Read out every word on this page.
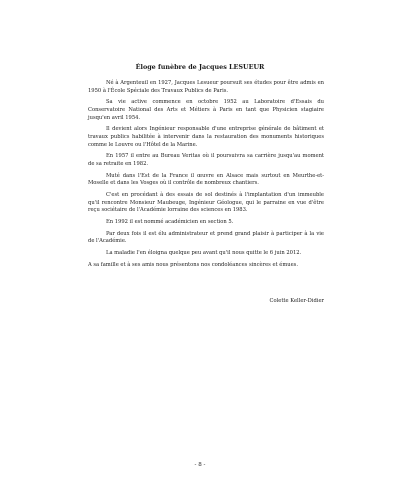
Éloge funèbre de Jacques LESUEUR

Né à Argenteuil en 1927, Jacques Lesueur poursuit ses études pour être admis en 1950 à l'École Spéciale des Travaux Publics de Paris.

Sa vie active commence en octobre 1952 au Laboratoire d'Essais du Conservatoire National des Arts et Métiers à Paris en tant que Physicien stagiaire jusqu'en avril 1954.

Il devient alors Ingénieur responsable d'une entreprise générale de bâtiment et travaux publics habilitée à intervenir dans la restauration des monuments historiques comme le Louvre ou l'Hôtel de la Marine.

En 1957 il entre au Bureau Veritas où il poursuivra sa carrière jusqu'au moment de sa retraite en 1982.

Muté dans l'Est de la France il œuvre en Alsace mais surtout en Meurthe-et-Moselle et dans les Vosges où il contrôle de nombreux chantiers.

C'est en procédant à des essais de sol destinés à l'implantation d'un immeuble qu'il rencontre Monsieur Maubeuge, Ingénieur Géologue, qui le parraine en vue d'être reçu sociétaire de l'Académie lorraine des sciences en 1983.

En 1992 il est nommé académicien en section 5.

Par deux fois il est élu administrateur et prend grand plaisir à participer à la vie de l'Académie.

La maladie l'en éloigna quelque peu avant qu'il nous quitte le 6 juin 2012.

A sa famille et à ses amis nous présentons nos condoléances sincères et émues.

Colette Keller-Didier
- 8 -
